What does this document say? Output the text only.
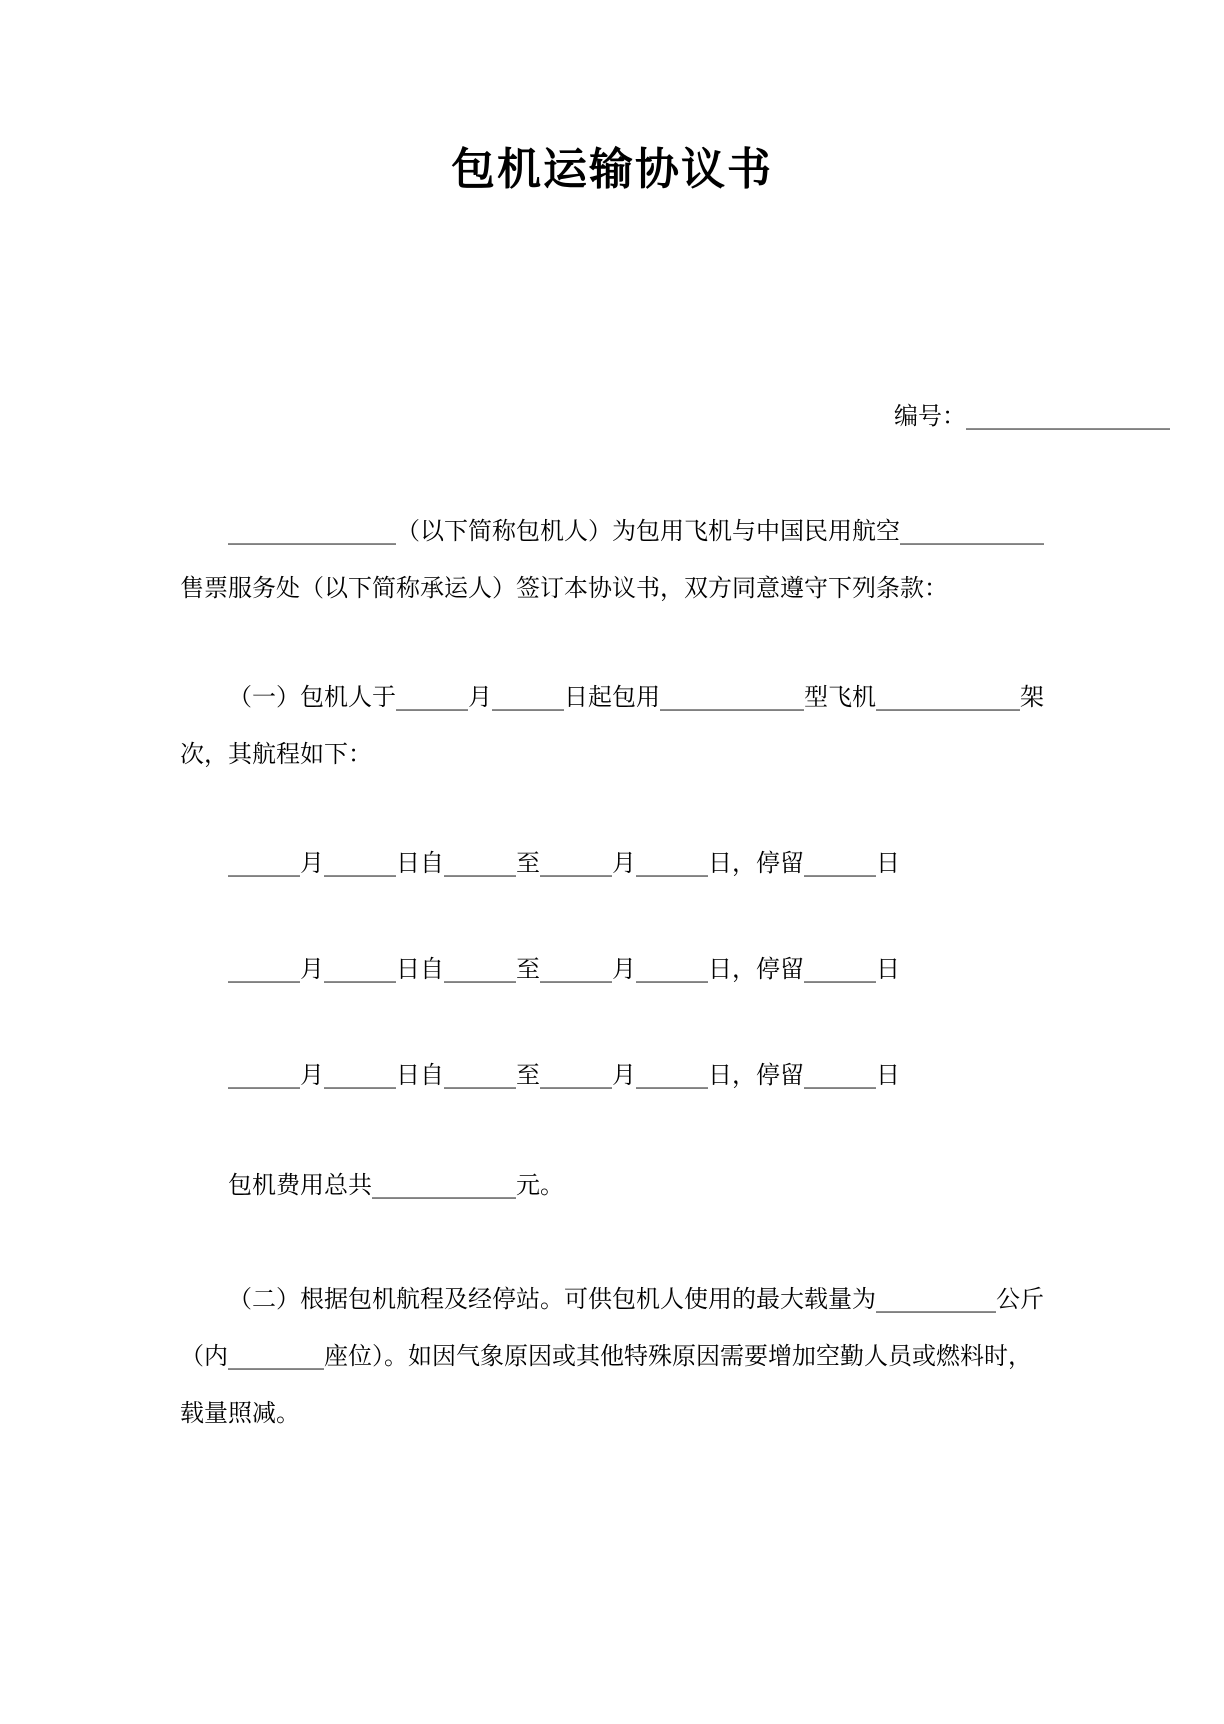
包机运输协议书
编号：_________________
______________（以下简称包机人）为包用飞机与中国民用航空____________
售票服务处（以下简称承运人）签订本协议书，双方同意遵守下列条款：
（一）包机人于______月______日起包用____________型飞机____________架
次，其航程如下：
______月______日自______至______月______日，停留______日
______月______日自______至______月______日，停留______日
______月______日自______至______月______日，停留______日
包机费用总共____________元。
（二）根据包机航程及经停站。可供包机人使用的最大载量为__________公斤
（内________座位）。如因气象原因或其他特殊原因需要增加空勤人员或燃料时，
载量照减。
